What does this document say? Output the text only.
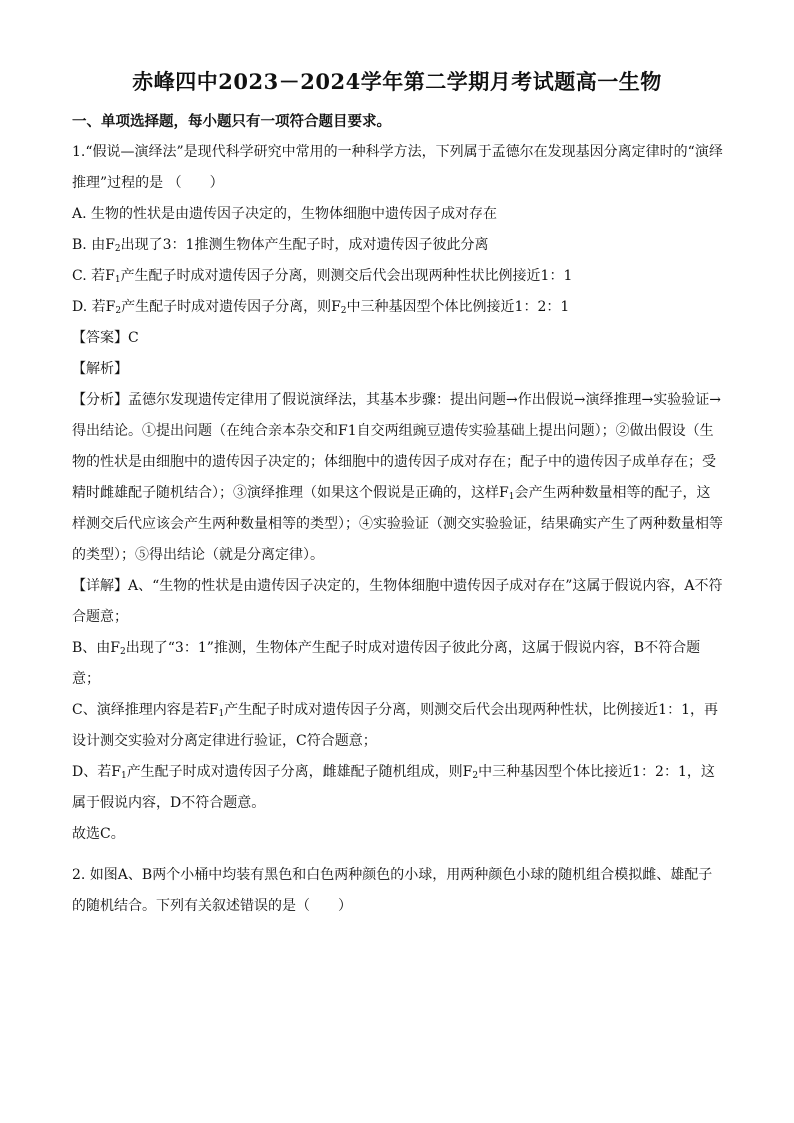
赤峰四中2023－2024学年第二学期月考试题高一生物

一、单项选择题，每小题只有一项符合题目要求。

1.“假说—演绎法”是现代科学研究中常用的一种科学方法，下列属于孟德尔在发现基因分离定律时的“演绎推理”过程的是 （　　）

A. 生物的性状是由遗传因子决定的，生物体细胞中遗传因子成对存在

B. 由$F_2$出现了3：1推测生物体产生配子时，成对遗传因子彼此分离

C. 若$F_1$产生配子时成对遗传因子分离，则测交后代会出现两种性状比例接近1：1

D. 若$F_2$产生配子时成对遗传因子分离，则$F_2$中三种基因型个体比例接近1：2：1

【答案】C

【解析】

【分析】孟德尔发现遗传定律用了假说演绎法，其基本步骤：提出问题→作出假说→演绎推理→实验验证→得出结论。①提出问题（在纯合亲本杂交和F1自交两组豌豆遗传实验基础上提出问题）；②做出假设（生物的性状是由细胞中的遗传因子决定的；体细胞中的遗传因子成对存在；配子中的遗传因子成单存在；受精时雌雄配子随机结合）；③演绎推理（如果这个假说是正确的，这样$F_1$会产生两种数量相等的配子，这样测交后代应该会产生两种数量相等的类型）；④实验验证（测交实验验证，结果确实产生了两种数量相等的类型）；⑤得出结论（就是分离定律）。

【详解】A、“生物的性状是由遗传因子决定的，生物体细胞中遗传因子成对存在”这属于假说内容，A不符合题意；

B、由$F_2$出现了“3：1”推测，生物体产生配子时成对遗传因子彼此分离，这属于假说内容，B不符合题意；

C、演绎推理内容是若$F_1$产生配子时成对遗传因子分离，则测交后代会出现两种性状，比例接近1：1，再设计测交实验对分离定律进行验证，C符合题意；

D、若$F_1$产生配子时成对遗传因子分离，雌雄配子随机组成，则$F_2$中三种基因型个体比接近1：2：1，这属于假说内容，D不符合题意。

故选C。

2. 如图A、B两个小桶中均装有黑色和白色两种颜色的小球，用两种颜色小球的随机组合模拟雌、雄配子的随机结合。下列有关叙述错误的是（　　）
